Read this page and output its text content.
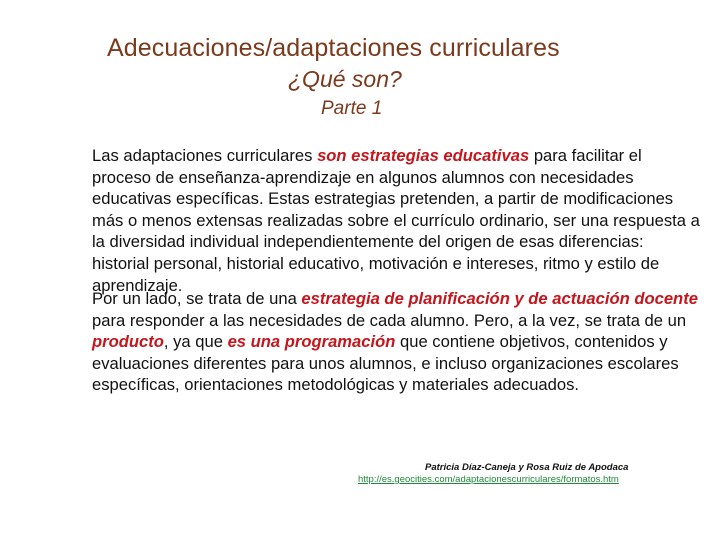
Adecuaciones/adaptaciones curriculares
¿Qué son?
Parte 1

Las adaptaciones curriculares son estrategias educativas para facilitar el proceso de enseñanza-aprendizaje en algunos alumnos con necesidades educativas específicas. Estas estrategias pretenden, a partir de modificaciones más o menos extensas realizadas sobre el currículo ordinario, ser una respuesta a la diversidad individual independientemente del origen de esas diferencias: historial personal, historial educativo, motivación e intereses, ritmo y estilo de aprendizaje.

Por un lado, se trata de una estrategia de planificación y de actuación docente para responder a las necesidades de cada alumno. Pero, a la vez, se trata de un producto, ya que es una programación que contiene objetivos, contenidos y evaluaciones diferentes para unos alumnos, e incluso organizaciones escolares específicas, orientaciones metodológicas y materiales adecuados.

Patricia Díaz-Caneja y Rosa Ruiz de Apodaca
http://es.geocities.com/adaptacionescurriculares/formatos.htm
